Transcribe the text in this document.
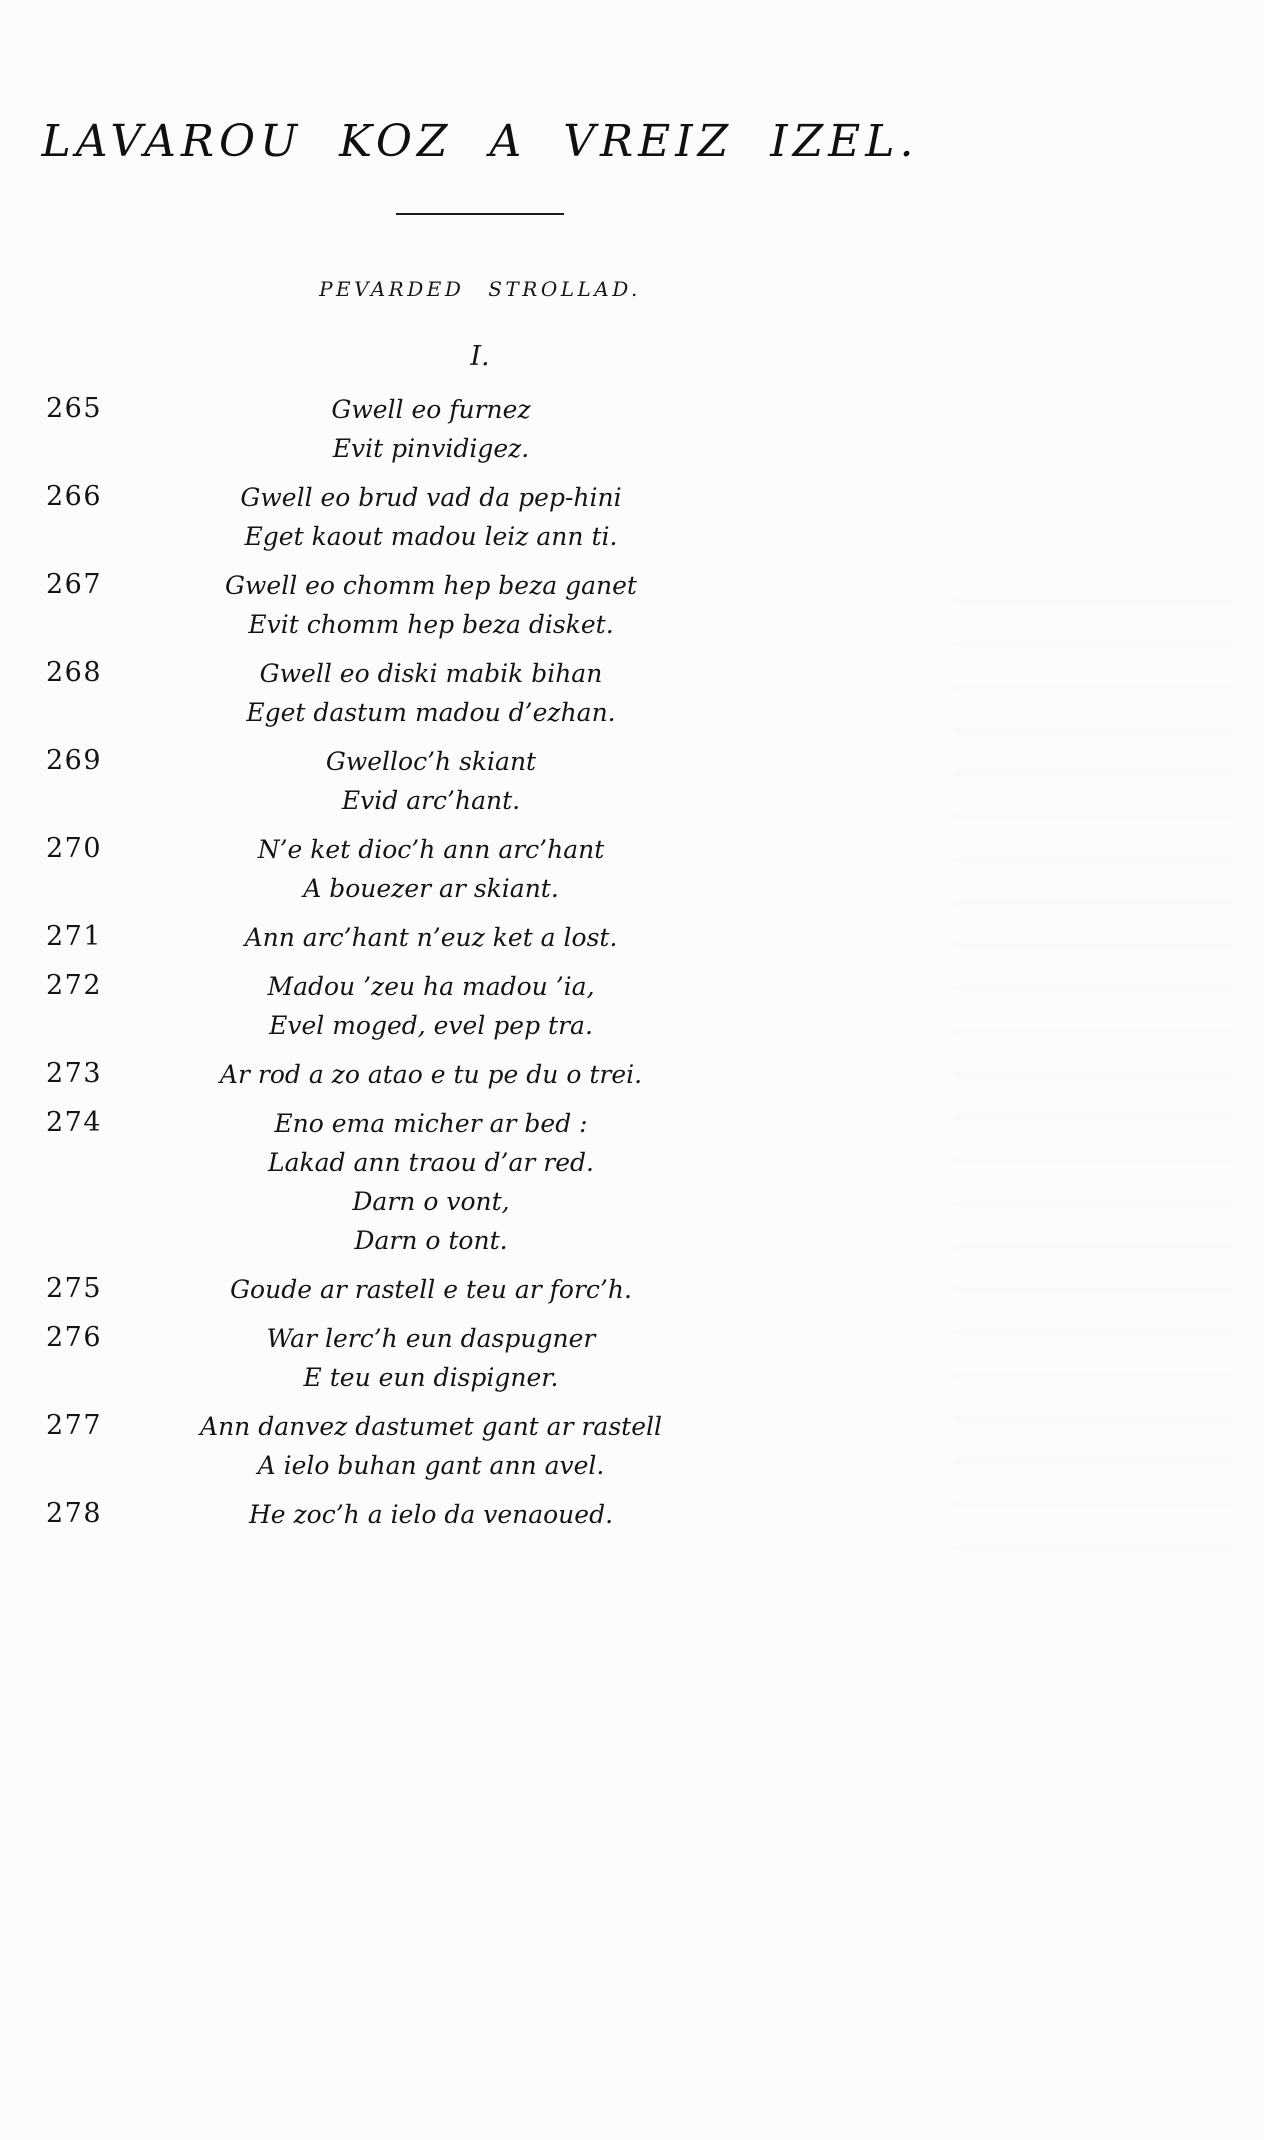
LAVAROU KOZ A VREIZ IZEL.
PEVARDED STROLLAD.
I.
265	Gwell eo furnez
Evit pinvidigez.
266	Gwell eo brud vad da pep-hini
Eget kaout madou leiz ann ti.
267	Gwell eo chomm hep beza ganet
Evit chomm hep beza disket.
268	Gwell eo diski mabik bihan
Eget dastum madou d’ezhan.
269	Gwelloc’h skiant
Evid arc’hant.
270	N’e ket dioc’h ann arc’hant
A bouezer ar skiant.
271	Ann arc’hant n’euz ket a lost.
272	Madou ’zeu ha madou ’ia,
Evel moged, evel pep tra.
273	Ar rod a zo atao e tu pe du o trei.
274	Eno ema micher ar bed :
Lakad ann traou d’ar red.
Darn o vont,
Darn o tont.
275	Goude ar rastell e teu ar forc’h.
276	War lerc’h eun daspugner
E teu eun dispigner.
277	Ann danvez dastumet gant ar rastell
A ielo buhan gant ann avel.
278	He zoc’h a ielo da venaoued.
